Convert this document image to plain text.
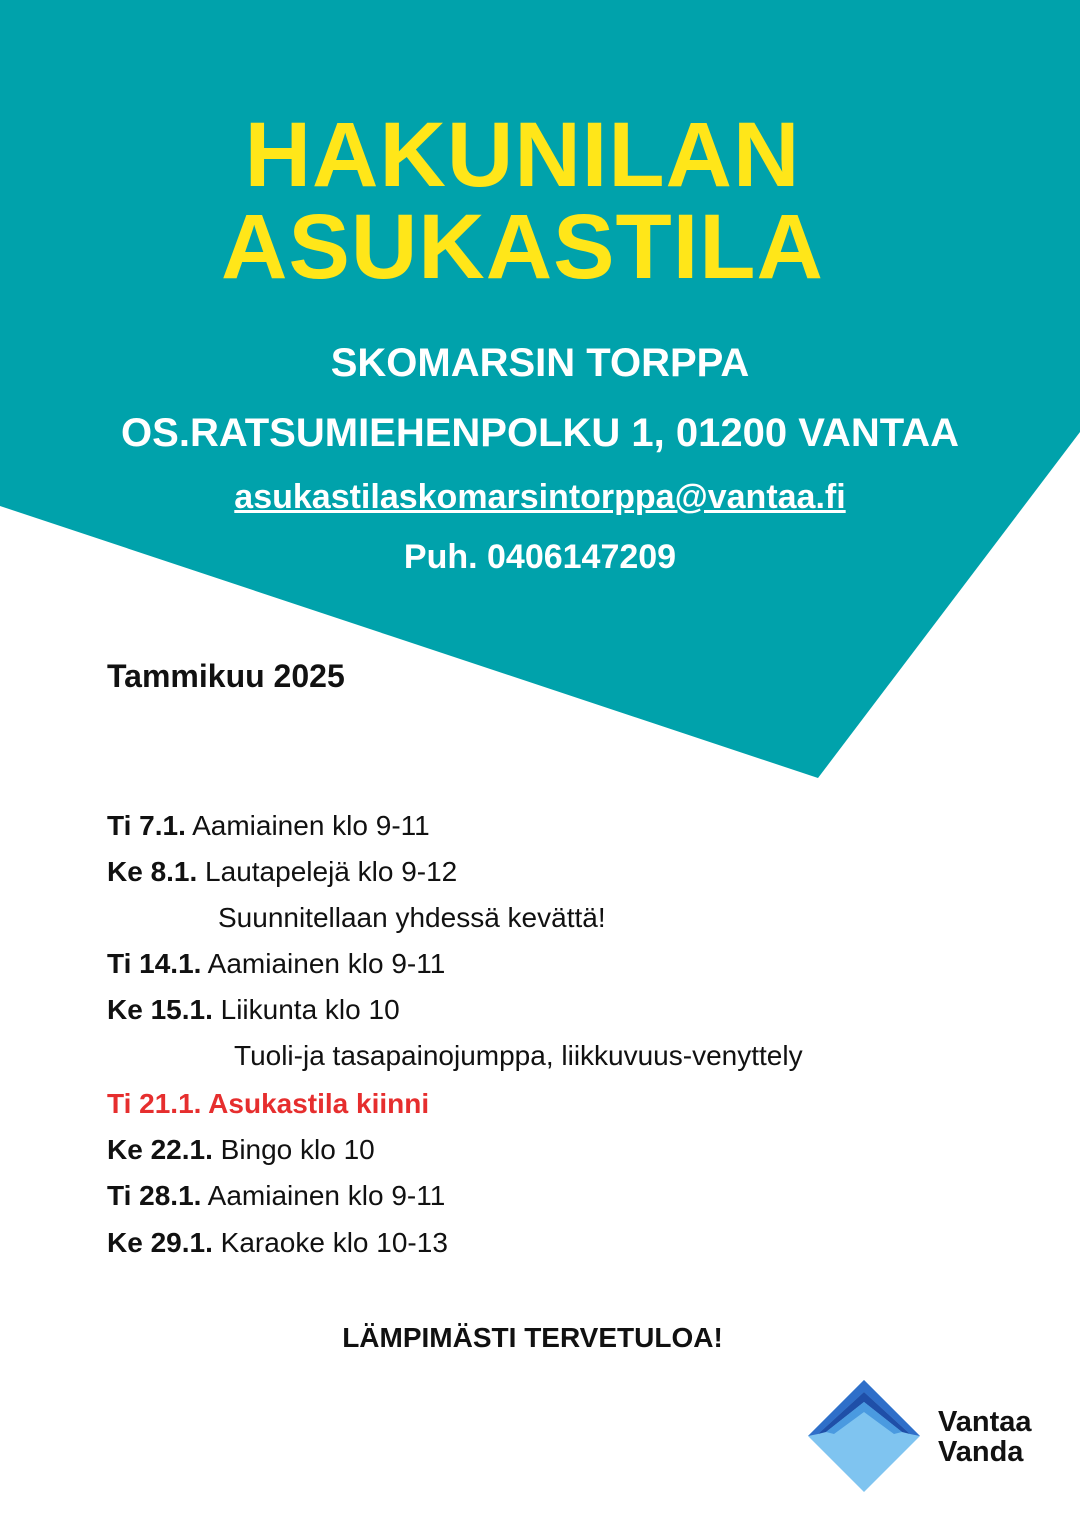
HAKUNILAN
ASUKASTILA
SKOMARSIN TORPPA
OS.RATSUMIEHENPOLKU 1, 01200 VANTAA
asukastilaskomarsintorppa@vantaa.fi
Puh. 0406147209
Tammikuu 2025
Ti 7.1. Aamiainen klo 9-11
Ke 8.1. Lautapelejä klo 9-12
Suunnitellaan yhdessä kevättä!
Ti 14.1. Aamiainen klo 9-11
Ke 15.1. Liikunta klo 10
Tuoli-ja tasapainojumppa, liikkuvuus-venyttely
Ti 21.1. Asukastila kiinni
Ke 22.1. Bingo klo 10
Ti 28.1. Aamiainen klo 9-11
Ke 29.1. Karaoke klo 10-13
LÄMPIMÄSTI TERVETULOA!
Vantaa
Vanda
